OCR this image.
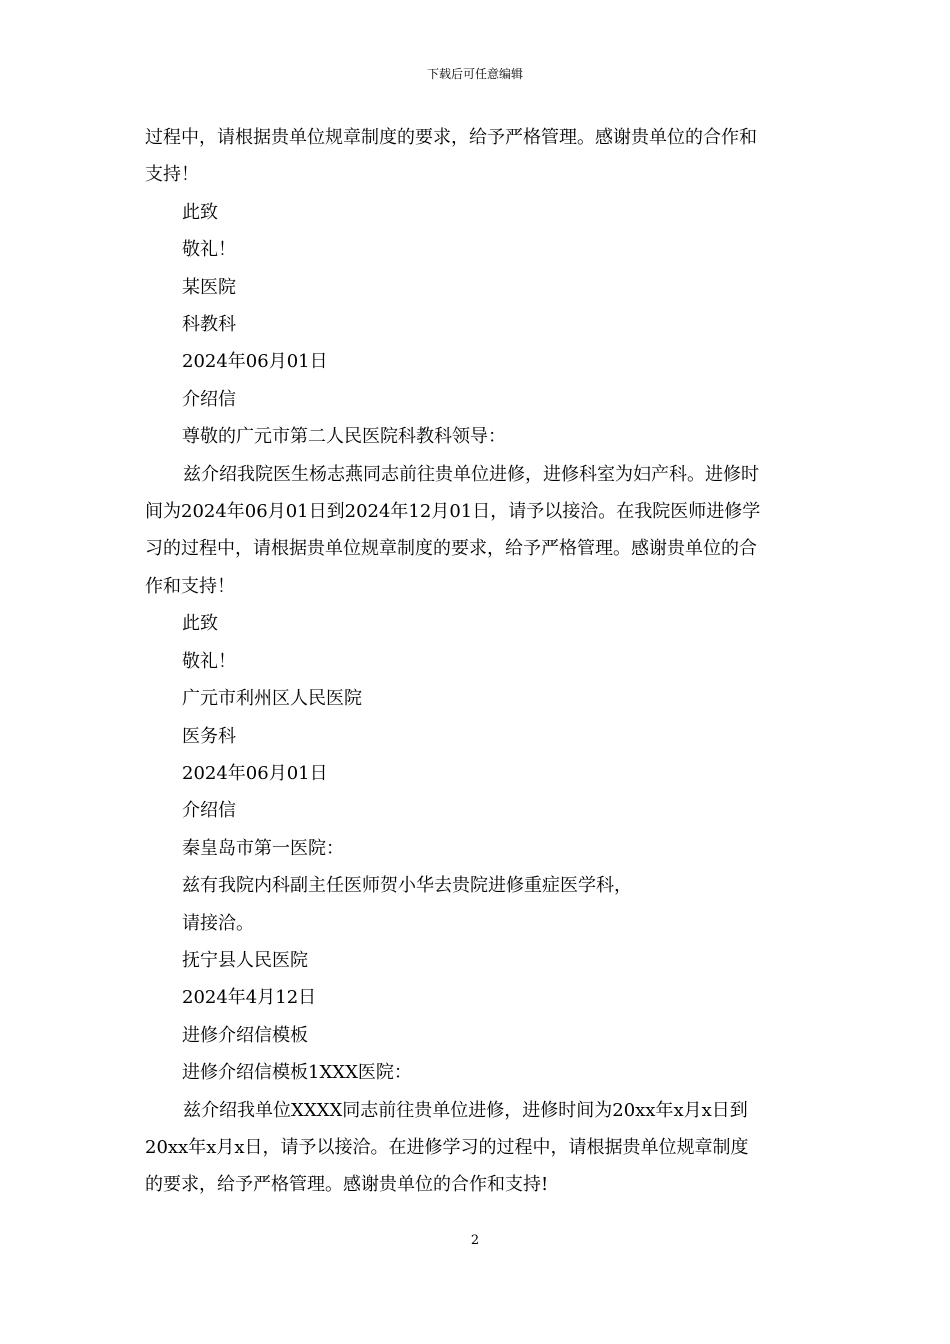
下载后可任意编辑

过程中，请根据贵单位规章制度的要求，给予严格管理。感谢贵单位的合作和

支持！

此致

敬礼！

某医院

科教科

2024年06月01日

介绍信

尊敬的广元市第二人民医院科教科领导：

兹介绍我院医生杨志燕同志前往贵单位进修，进修科室为妇产科。进修时

间为2024年06月01日到2024年12月01日，请予以接洽。在我院医师进修学

习的过程中，请根据贵单位规章制度的要求，给予严格管理。感谢贵单位的合

作和支持！

此致

敬礼！

广元市利州区人民医院

医务科

2024年06月01日

介绍信

秦皇岛市第一医院：

兹有我院内科副主任医师贺小华去贵院进修重症医学科，

请接洽。

抚宁县人民医院

2024年4月12日

进修介绍信模板

进修介绍信模板1XXX医院：

兹介绍我单位XXXX同志前往贵单位进修，进修时间为20xx年x月x日到

20xx年x月x日，请予以接洽。在进修学习的过程中，请根据贵单位规章制度

的要求，给予严格管理。感谢贵单位的合作和支持!

2
